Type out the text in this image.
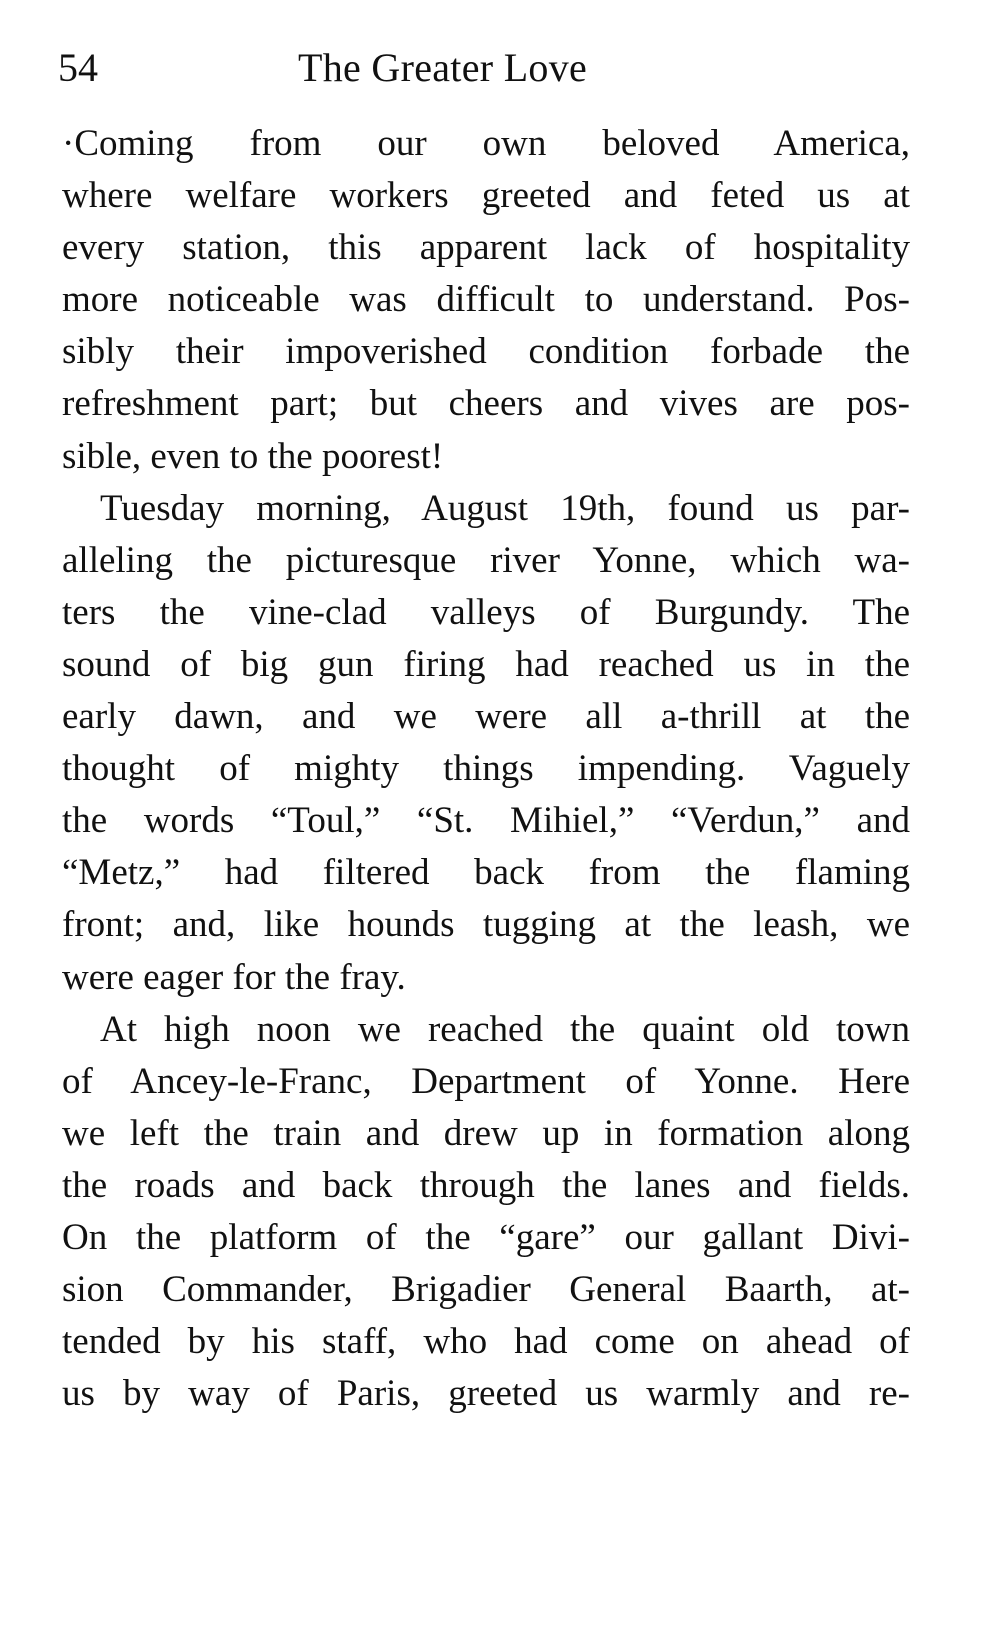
54	The Greater Love

·Coming from our own beloved America,
where welfare workers greeted and feted us at
every station, this apparent lack of hospitality
more noticeable was difficult to understand. Pos-
sibly their impoverished condition forbade the
refreshment part; but cheers and vives are pos-
sible, even to the poorest!

Tuesday morning, August 19th, found us par-
alleling the picturesque river Yonne, which wa-
ters the vine-clad valleys of Burgundy. The
sound of big gun firing had reached us in the
early dawn, and we were all a-thrill at the
thought of mighty things impending. Vaguely
the words “Toul,” “St. Mihiel,” “Verdun,” and
“Metz,” had filtered back from the flaming
front; and, like hounds tugging at the leash, we
were eager for the fray.

At high noon we reached the quaint old town
of Ancey-le-Franc, Department of Yonne. Here
we left the train and drew up in formation along
the roads and back through the lanes and fields.
On the platform of the “gare” our gallant Divi-
sion Commander, Brigadier General Baarth, at-
tended by his staff, who had come on ahead of
us by way of Paris, greeted us warmly and re-
